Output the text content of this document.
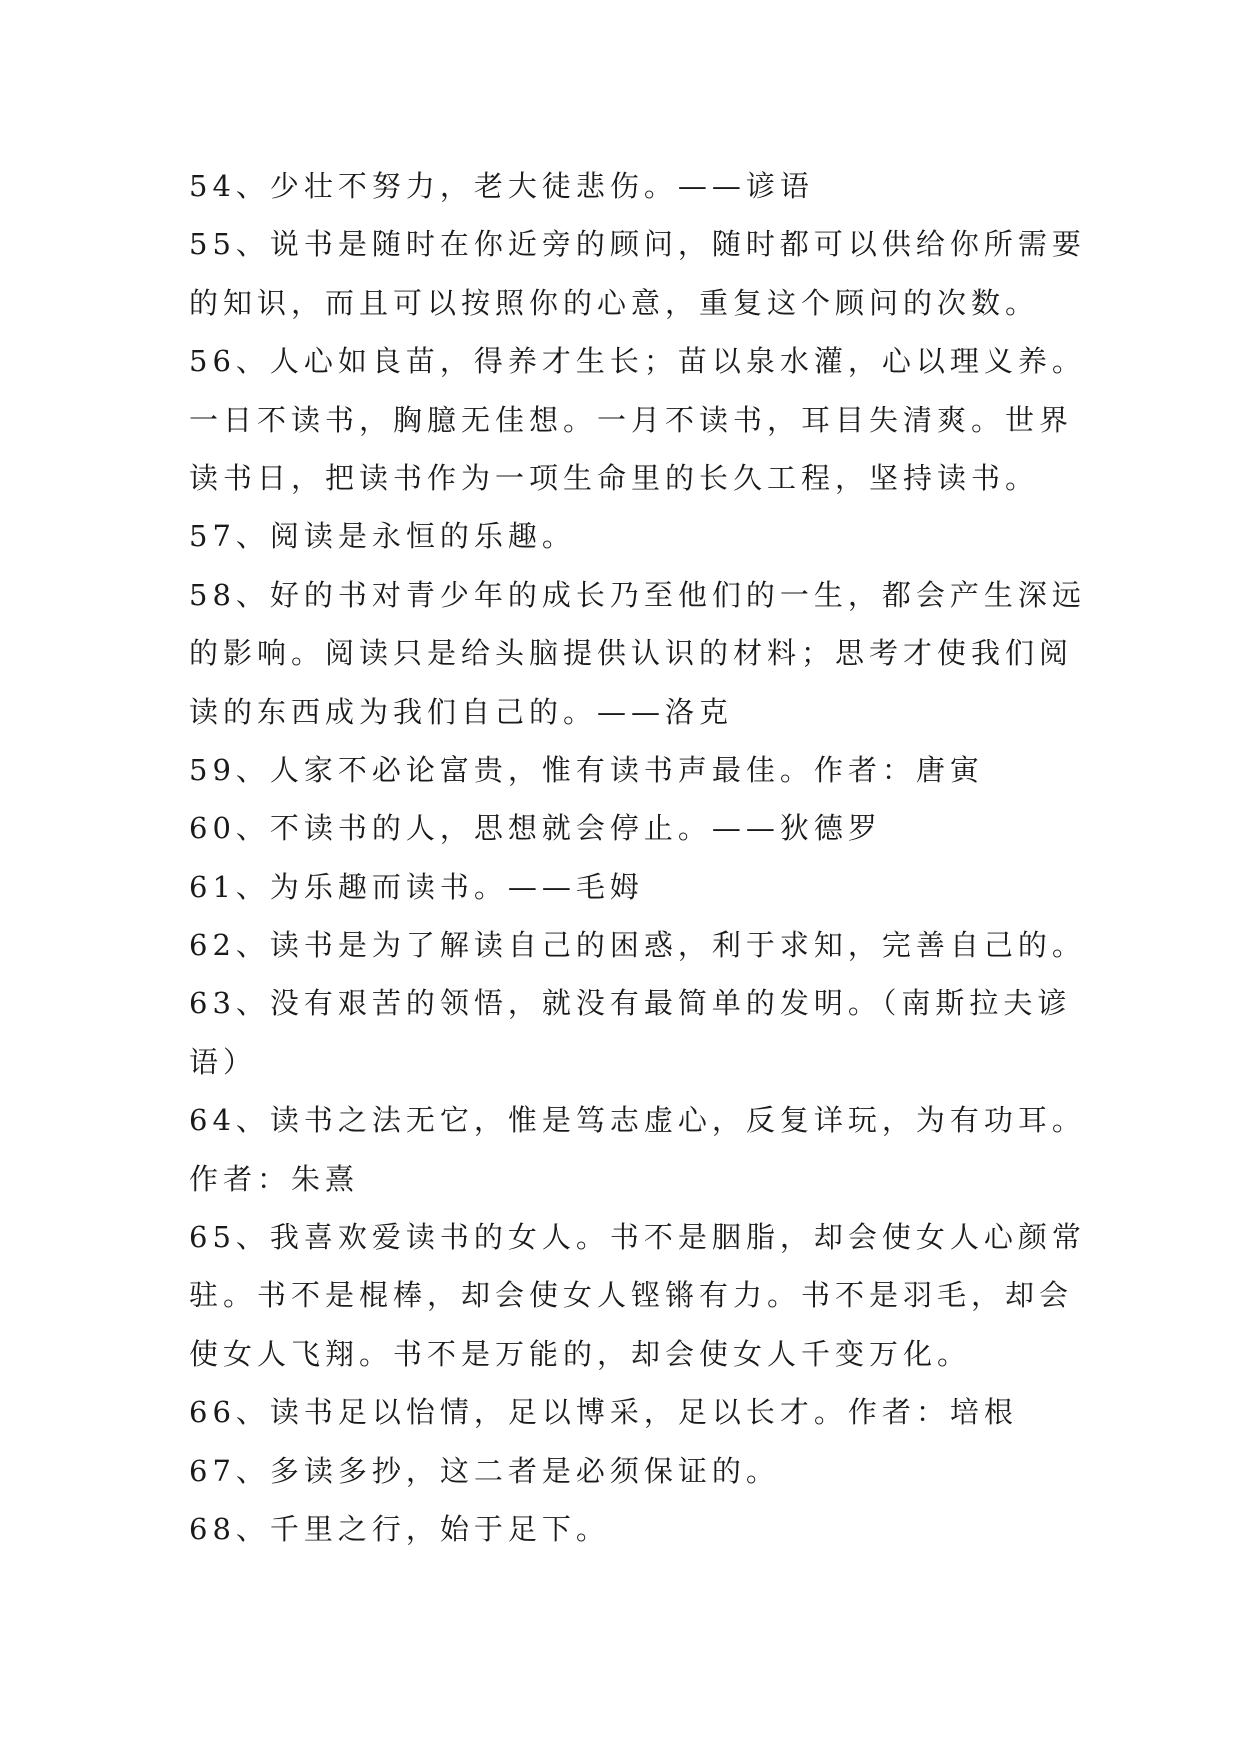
54、少壮不努力，老大徒悲伤。——谚语
55、说书是随时在你近旁的顾问，随时都可以供给你所需要
的知识，而且可以按照你的心意，重复这个顾问的次数。
56、人心如良苗，得养才生长；苗以泉水灌，心以理义养。
一日不读书，胸臆无佳想。一月不读书，耳目失清爽。世界
读书日，把读书作为一项生命里的长久工程，坚持读书。
57、阅读是永恒的乐趣。
58、好的书对青少年的成长乃至他们的一生，都会产生深远
的影响。阅读只是给头脑提供认识的材料；思考才使我们阅
读的东西成为我们自己的。——洛克
59、人家不必论富贵，惟有读书声最佳。作者：唐寅
60、不读书的人，思想就会停止。——狄德罗
61、为乐趣而读书。——毛姆
62、读书是为了解读自己的困惑，利于求知，完善自己的。
63、没有艰苦的领悟，就没有最简单的发明。（南斯拉夫谚
语）
64、读书之法无它，惟是笃志虚心，反复详玩，为有功耳。
作者：朱熹
65、我喜欢爱读书的女人。书不是胭脂，却会使女人心颜常
驻。书不是棍棒，却会使女人铿锵有力。书不是羽毛，却会
使女人飞翔。书不是万能的，却会使女人千变万化。
66、读书足以怡情，足以博采，足以长才。作者：培根
67、多读多抄，这二者是必须保证的。
68、千里之行，始于足下。
